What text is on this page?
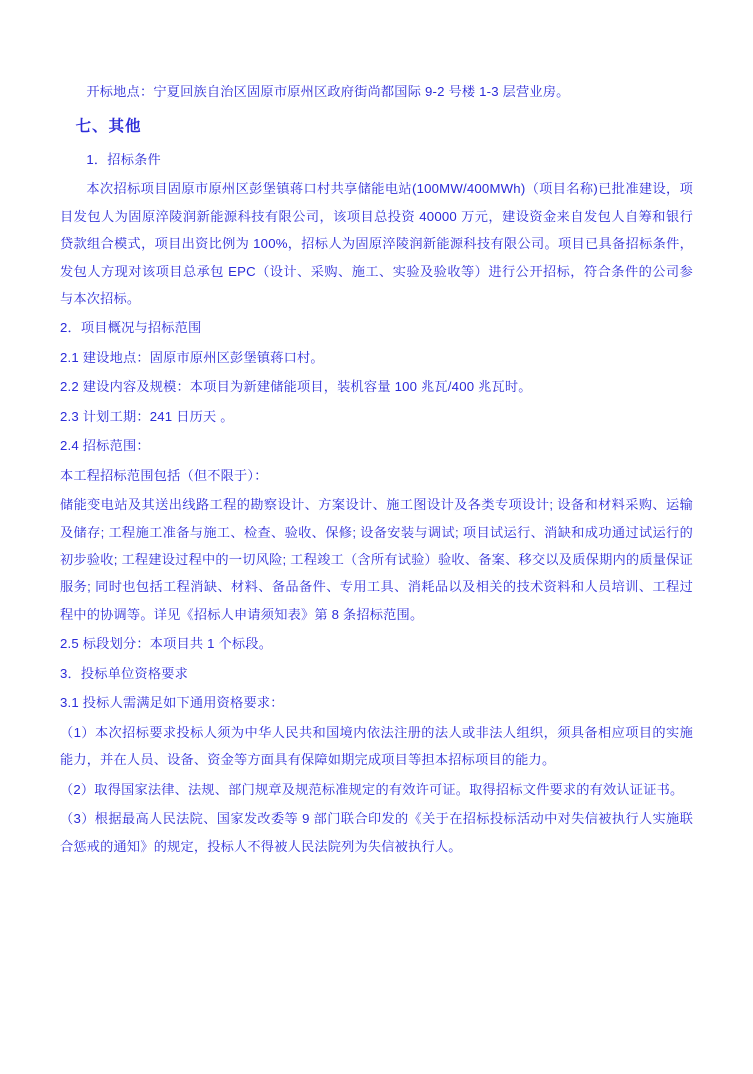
开标地点：宁夏回族自治区固原市原州区政府街尚都国际 9-2 号楼 1-3 层营业房。

七、其他

1．招标条件

本次招标项目固原市原州区彭堡镇蒋口村共享储能电站(100MW/400MWh)（项目名称)已批准建设，项目发包人为固原淬陵润新能源科技有限公司，该项目总投资 40000 万元，建设资金来自发包人自筹和银行贷款组合模式，项目出资比例为 100%，招标人为固原淬陵润新能源科技有限公司。项目已具备招标条件，发包人方现对该项目总承包 EPC（设计、采购、施工、实验及验收等）进行公开招标，符合条件的公司参与本次招标。

2．项目概况与招标范围

2.1 建设地点：固原市原州区彭堡镇蒋口村。

2.2 建设内容及规模：本项目为新建储能项目，装机容量 100 兆瓦/400 兆瓦时。

2.3 计划工期：241 日历天 。

2.4 招标范围：

本工程招标范围包括（但不限于）：

储能变电站及其送出线路工程的勘察设计、方案设计、施工图设计及各类专项设计; 设备和材料采购、运输及储存; 工程施工准备与施工、检查、验收、保修; 设备安装与调试; 项目试运行、消缺和成功通过试运行的初步验收; 工程建设过程中的一切风险; 工程竣工（含所有试验）验收、备案、移交以及质保期内的质量保证服务; 同时也包括工程消缺、材料、备品备件、专用工具、消耗品以及相关的技术资料和人员培训、工程过程中的协调等。详见《招标人申请须知表》第 8 条招标范围。

2.5 标段划分：本项目共 1 个标段。

3．投标单位资格要求

3.1 投标人需满足如下通用资格要求：

（1）本次招标要求投标人须为中华人民共和国境内依法注册的法人或非法人组织，须具备相应项目的实施能力，并在人员、设备、资金等方面具有保障如期完成项目等担本招标项目的能力。

（2）取得国家法律、法规、部门规章及规范标准规定的有效许可证。取得招标文件要求的有效认证证书。

（3）根据最高人民法院、国家发改委等 9 部门联合印发的《关于在招标投标活动中对失信被执行人实施联合惩戒的通知》的规定，投标人不得被人民法院列为失信被执行人。
